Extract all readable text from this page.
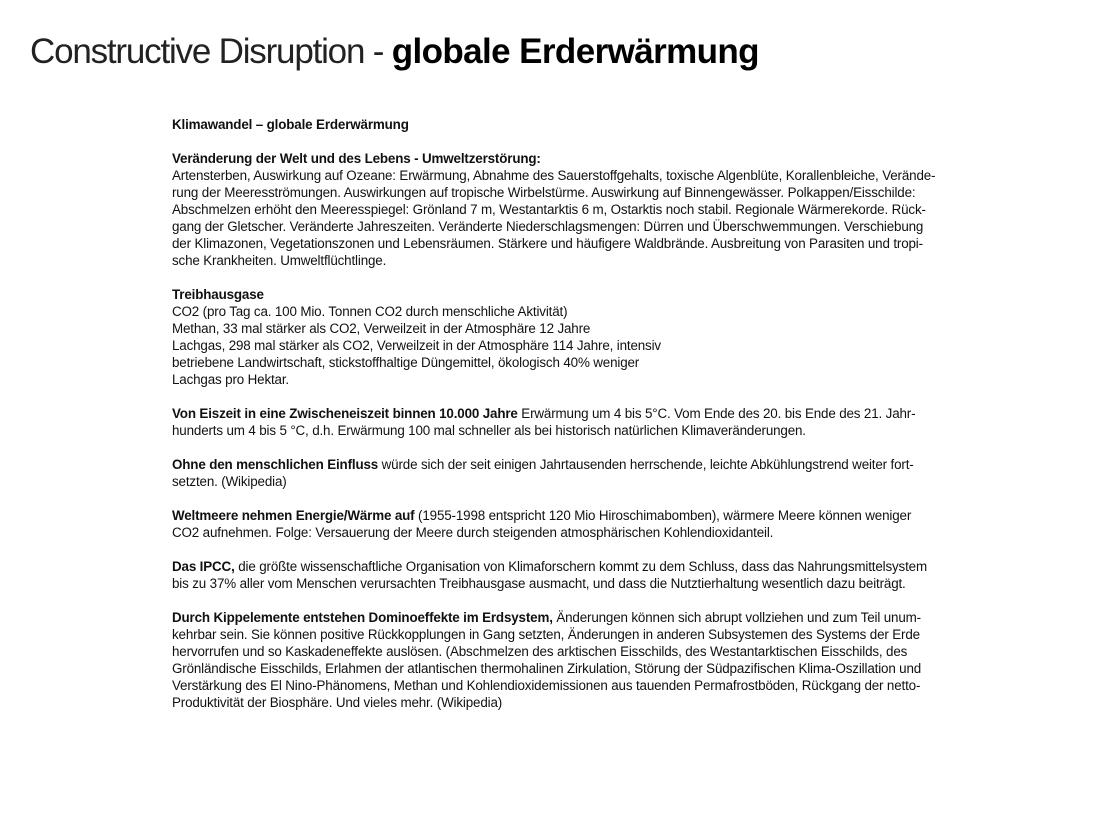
Constructive Disruption - globale Erderwärmung

Klimawandel – globale Erderwärmung

Veränderung der Welt und des Lebens - Umweltzerstörung:
Artensterben, Auswirkung auf Ozeane: Erwärmung, Abnahme des Sauerstoffgehalts, toxische Algenblüte, Korallenbleiche, Verände-
rung der Meeresströmungen. Auswirkungen auf tropische Wirbelstürme. Auswirkung auf Binnengewässer. Polkappen/Eisschilde:
Abschmelzen erhöht den Meeresspiegel: Grönland 7 m, Westantarktis 6 m, Ostarktis noch stabil. Regionale Wärmerekorde. Rück-
gang der Gletscher. Veränderte Jahreszeiten. Veränderte Niederschlagsmengen: Dürren und Überschwemmungen. Verschiebung
der Klimazonen, Vegetationszonen und Lebensräumen. Stärkere und häufigere Waldbrände. Ausbreitung von Parasiten und tropi-
sche Krankheiten. Umweltflüchtlinge.

Treibhausgase
CO2 (pro Tag ca. 100 Mio. Tonnen CO2 durch menschliche Aktivität)
Methan, 33 mal stärker als CO2, Verweilzeit in der Atmosphäre 12 Jahre
Lachgas, 298 mal stärker als CO2, Verweilzeit in der Atmosphäre 114 Jahre, intensiv
betriebene Landwirtschaft, stickstoffhaltige Düngemittel, ökologisch 40% weniger
Lachgas pro Hektar.

Von Eiszeit in eine Zwischeneiszeit binnen 10.000 Jahre Erwärmung um 4 bis 5°C. Vom Ende des 20. bis Ende des 21. Jahr-
hunderts um 4 bis 5 °C, d.h. Erwärmung 100 mal schneller als bei historisch natürlichen Klimaveränderungen.

Ohne den menschlichen Einfluss würde sich der seit einigen Jahrtausenden herrschende, leichte Abkühlungstrend weiter fort-
setzten. (Wikipedia)

Weltmeere nehmen Energie/Wärme auf (1955-1998 entspricht 120 Mio Hiroschimabomben), wärmere Meere können weniger
CO2 aufnehmen. Folge: Versauerung der Meere durch steigenden atmosphärischen Kohlendioxidanteil.

Das IPCC, die größte wissenschaftliche Organisation von Klimaforschern kommt zu dem Schluss, dass das Nahrungsmittelsystem
bis zu 37% aller vom Menschen verursachten Treibhausgase ausmacht, und dass die Nutztierhaltung wesentlich dazu beiträgt.

Durch Kippelemente entstehen Dominoeffekte im Erdsystem, Änderungen können sich abrupt vollziehen und zum Teil unum-
kehrbar sein. Sie können positive Rückkopplungen in Gang setzten, Änderungen in anderen Subsystemen des Systems der Erde
hervorrufen und so Kaskadeneffekte auslösen. (Abschmelzen des arktischen Eisschilds, des Westantarktischen Eisschilds, des
Grönländische Eisschilds, Erlahmen der atlantischen thermohalinen Zirkulation, Störung der Südpazifischen Klima-Oszillation und
Verstärkung des El Nino-Phänomens, Methan und Kohlendioxidemissionen aus tauenden Permafrostböden, Rückgang der netto-
Produktivität der Biosphäre. Und vieles mehr. (Wikipedia)
